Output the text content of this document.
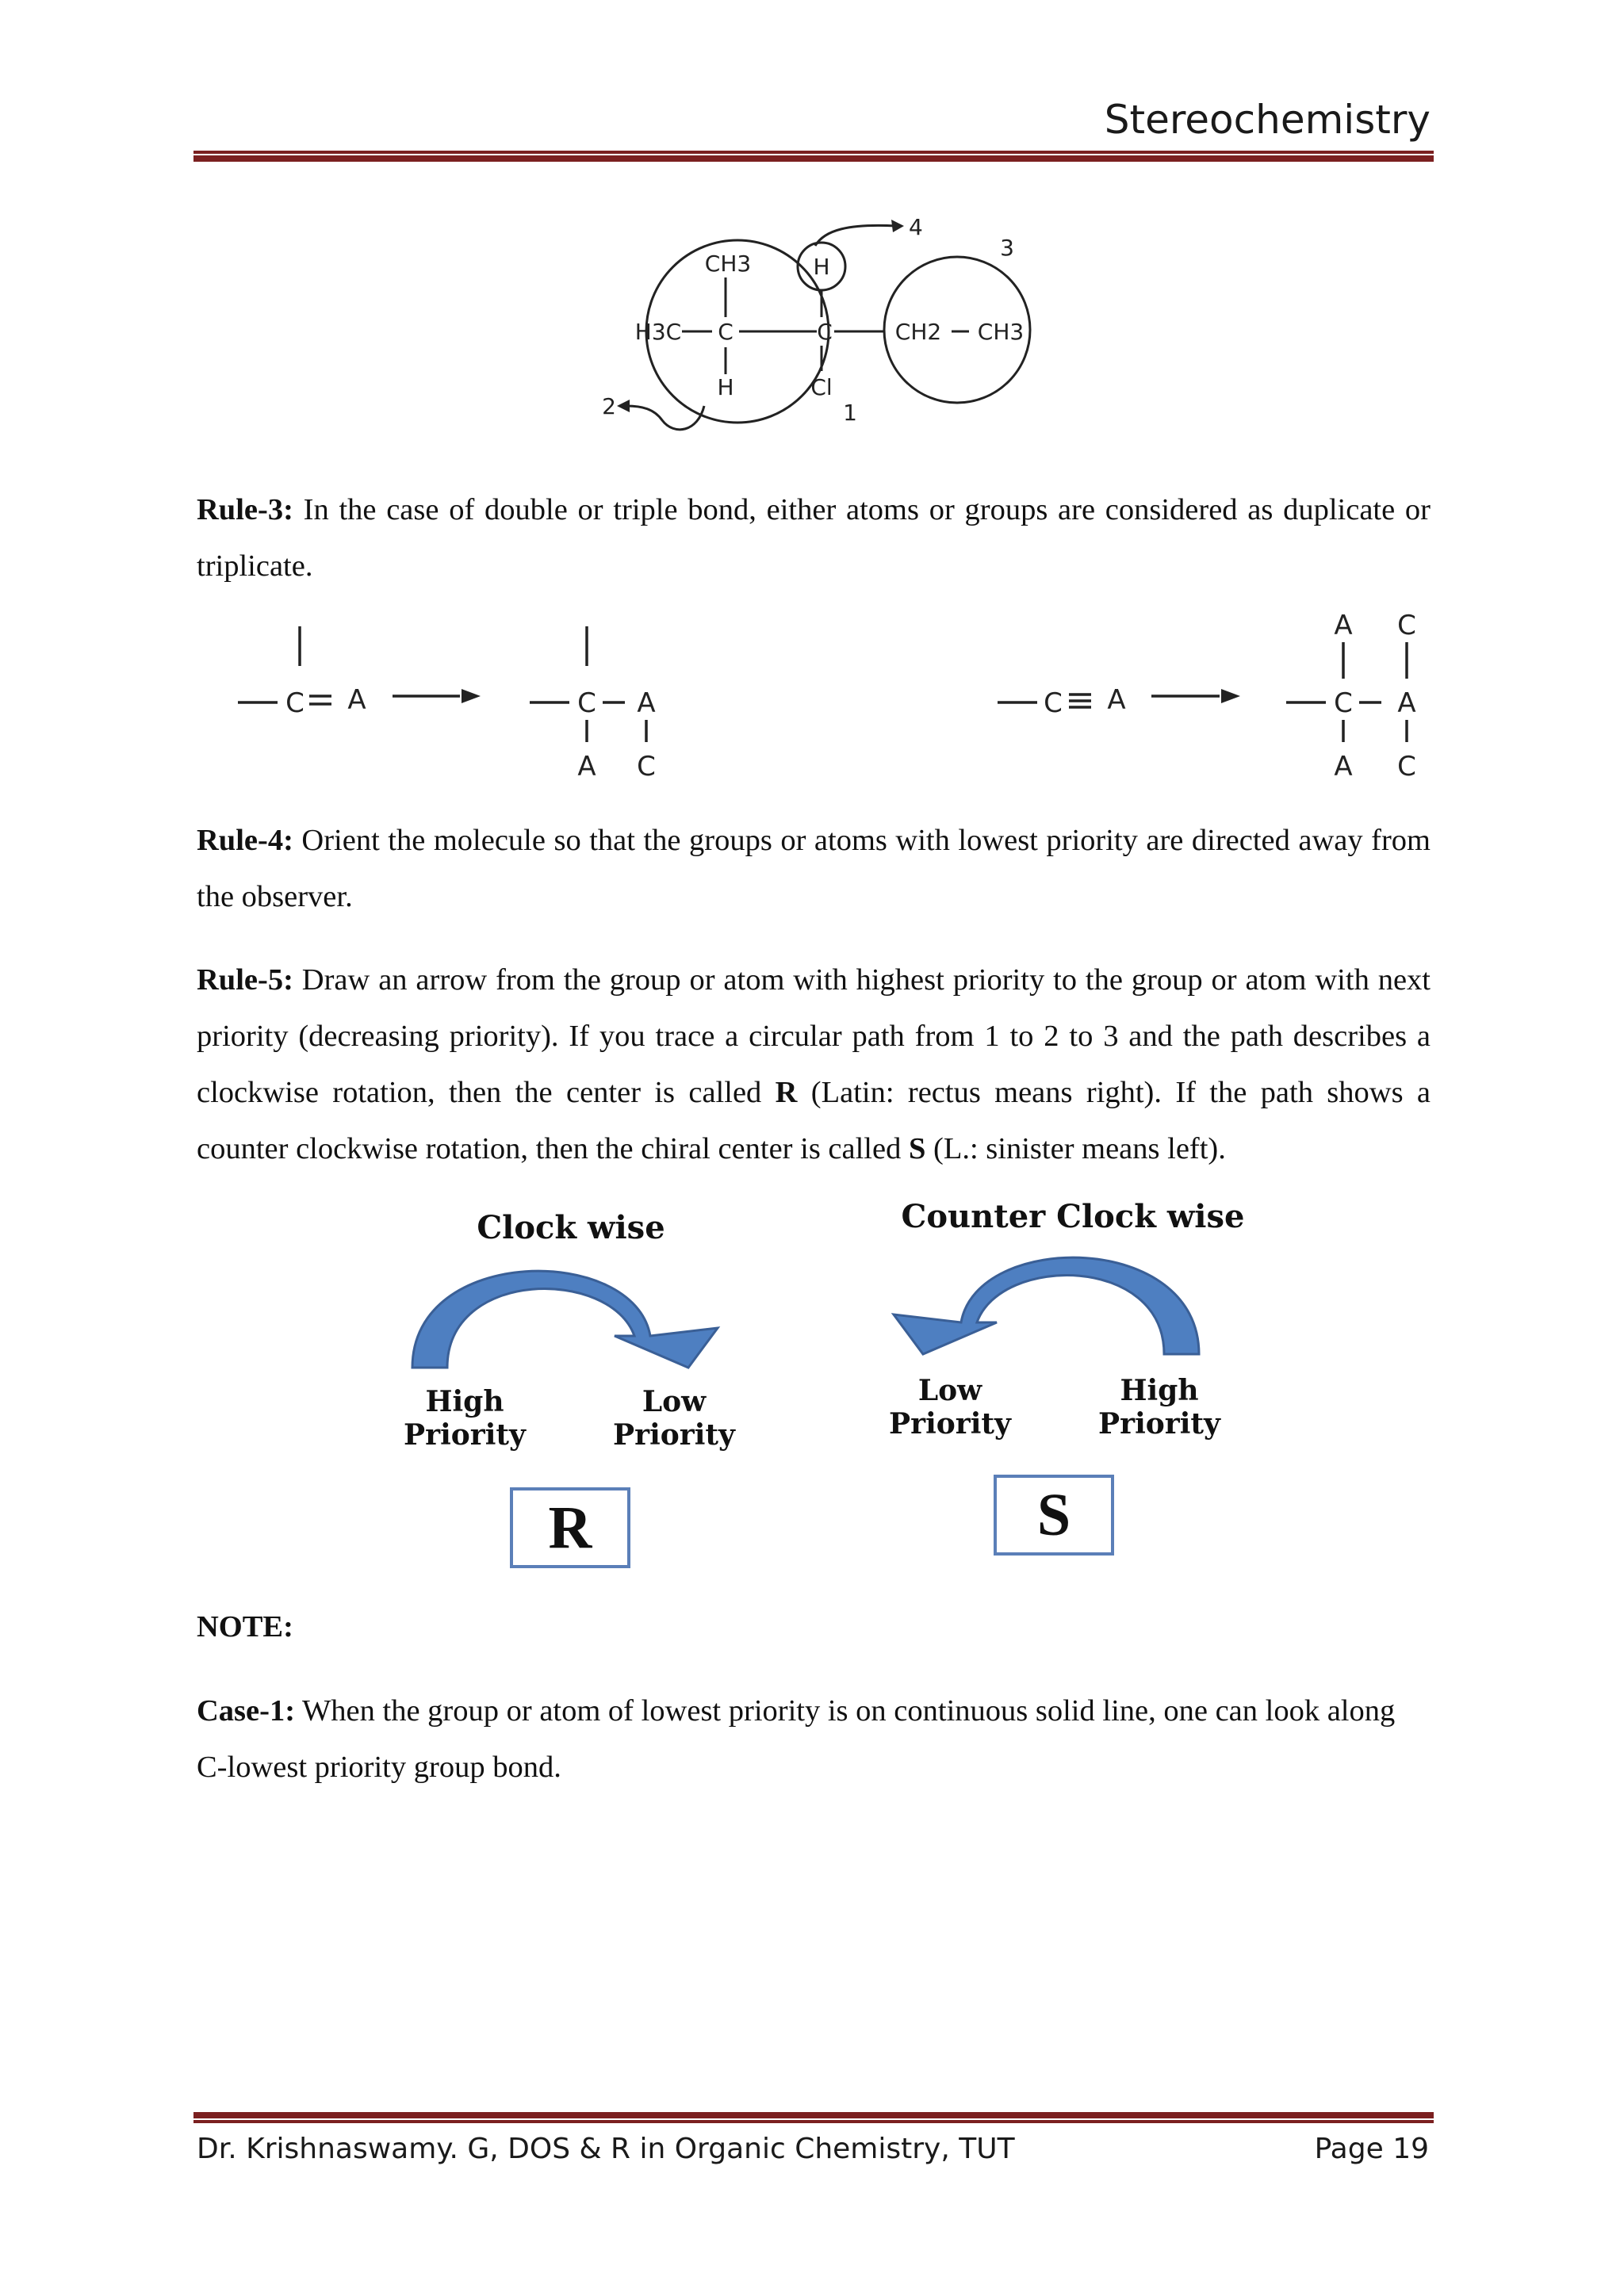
Stereochemistry
CH3	H
H3C C	C	CH2 CH3
H	Cl
1
2
3
4
Rule-3: In the case of double or triple bond, either atoms or groups are considered as duplicate or triplicate.
C A	C A
A C
C A	C A
A C
A C
Rule-4: Orient the molecule so that the groups or atoms with lowest priority are directed away from the observer.
Rule-5: Draw an arrow from the group or atom with highest priority to the group or atom with next priority (decreasing priority). If you trace a circular path from 1 to 2 to 3 and the path describes a clockwise rotation, then the center is called R (Latin: rectus means right). If the path shows a counter clockwise rotation, then the chiral center is called S (L.: sinister means left).
Clock wise	Counter Clock wise
High
Priority
Low
Priority
Low
Priority
High
Priority
R	S
NOTE:
Case-1: When the group or atom of lowest priority is on continuous solid line, one can look along C-lowest priority group bond.
Dr. Krishnaswamy. G, DOS & R in Organic Chemistry, TUT	Page 19
